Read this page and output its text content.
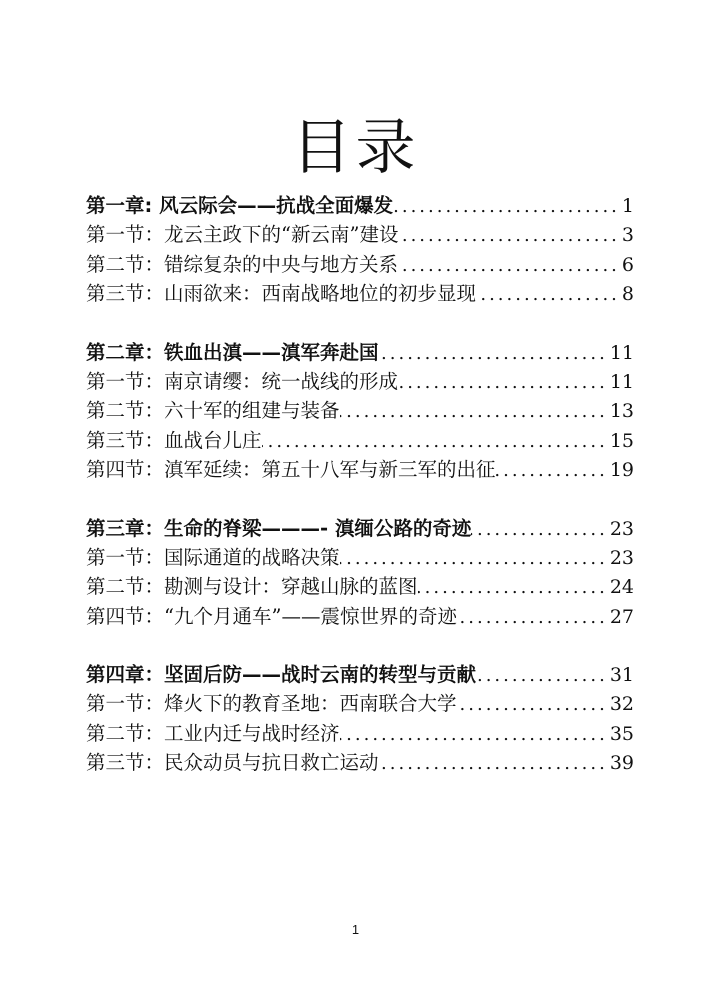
目录
第一章: 风云际会——抗战全面爆发 .....	1
第一节：龙云主政下的“新云南”建设 .....	3
第二节：错综复杂的中央与地方关系 .....	6
第三节：山雨欲来：西南战略地位的初步显现 .....	8
第二章：铁血出滇——滇军奔赴国 .....	11
第一节：南京请缨：统一战线的形成 .....	11
第二节：六十军的组建与装备 .....	13
第三节：血战台儿庄 .....	15
第四节：滇军延续：第五十八军与新三军的出征 .....	19
第三章：生命的脊梁———- 滇缅公路的奇迹 .....	23
第一节：国际通道的战略决策 .....	23
第二节：勘测与设计：穿越山脉的蓝图 .....	24
第四节：“九个月通车”——震惊世界的奇迹 .....	27
第四章：坚固后防——战时云南的转型与贡献 .....	31
第一节：烽火下的教育圣地：西南联合大学 .....	32
第二节：工业内迁与战时经济 .....	35
第三节：民众动员与抗日救亡运动 .....	39
1
